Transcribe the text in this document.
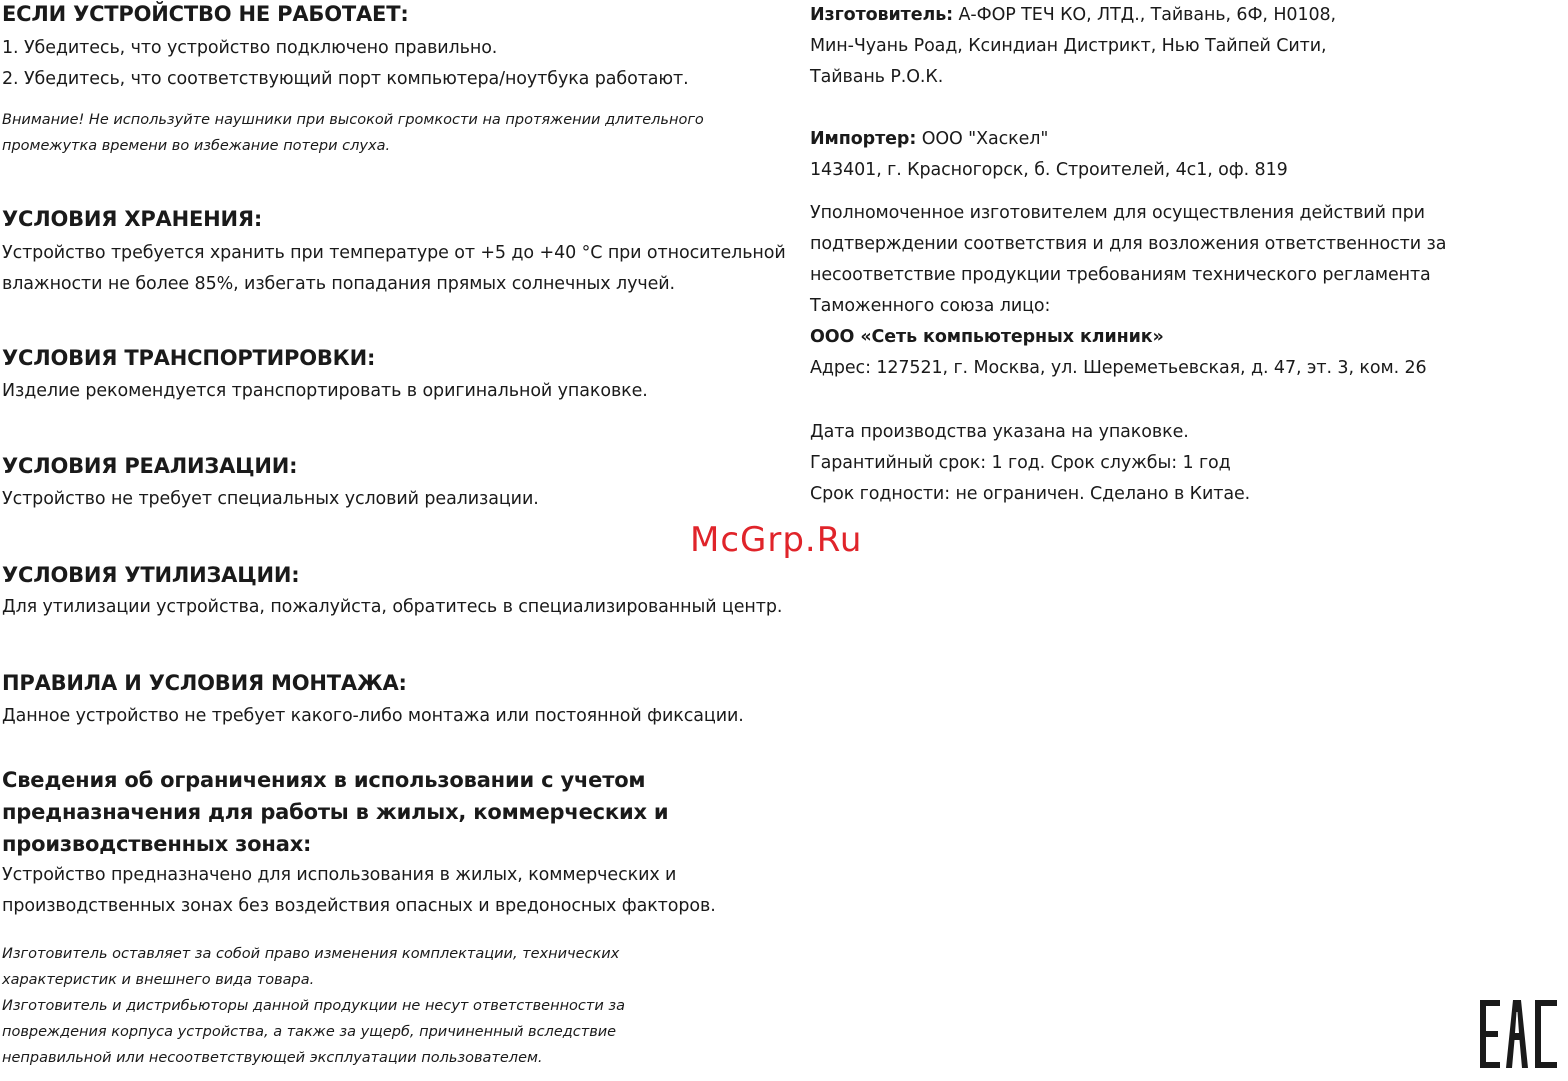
ЕСЛИ УСТРОЙСТВО НЕ РАБОТАЕТ:
1. Убедитесь, что устройство подключено правильно.
2. Убедитесь, что соответствующий порт компьютера/ноутбука работают.
Внимание! Не используйте наушники при высокой громкости на протяжении длительного
промежутка времени во избежание потери слуха.
УСЛОВИЯ ХРАНЕНИЯ:
Устройство требуется хранить при температуре от +5 до +40 °С при относительной
влажности не более 85%, избегать попадания прямых солнечных лучей.
УСЛОВИЯ ТРАНСПОРТИРОВКИ:
Изделие рекомендуется транспортировать в оригинальной упаковке.
УСЛОВИЯ РЕАЛИЗАЦИИ:
Устройство не требует специальных условий реализации.
УСЛОВИЯ УТИЛИЗАЦИИ:
Для утилизации устройства, пожалуйста, обратитесь в специализированный центр.
ПРАВИЛА И УСЛОВИЯ МОНТАЖА:
Данное устройство не требует какого-либо монтажа или постоянной фиксации.
Сведения об ограничениях в использовании с учетом
предназначения для работы в жилых, коммерческих и
производственных зонах:
Устройство предназначено для использования в жилых, коммерческих и
производственных зонах без воздействия опасных и вредоносных факторов.
Изготовитель оставляет за собой право изменения комплектации, технических
характеристик и внешнего вида товара.
Изготовитель и дистрибьюторы данной продукции не несут ответственности за
повреждения корпуса устройства, а также за ущерб, причиненный вследствие
неправильной или несоответствующей эксплуатации пользователем.
Изготовитель: А-ФОР ТЕЧ КО, ЛТД., Тайвань, 6Ф, Н0108,
Мин-Чуань Роад, Ксиндиан Дистрикт, Нью Тайпей Сити,
Тайвань Р.О.К.
Импортер: ООО "Хаскел"
143401, г. Красногорск, б. Строителей, 4с1, оф. 819
Уполномоченное изготовителем для осуществления действий при
подтверждении соответствия и для возложения ответственности за
несоответствие продукции требованиям технического регламента
Таможенного союза лицо:
ООО «Сеть компьютерных клиник»
Адрес: 127521, г. Москва, ул. Шереметьевская, д. 47, эт. 3, ком. 26
Дата производства указана на упаковке.
Гарантийный срок: 1 год. Срок службы: 1 год
Срок годности: не ограничен. Сделано в Китае.
McGrp.Ru
